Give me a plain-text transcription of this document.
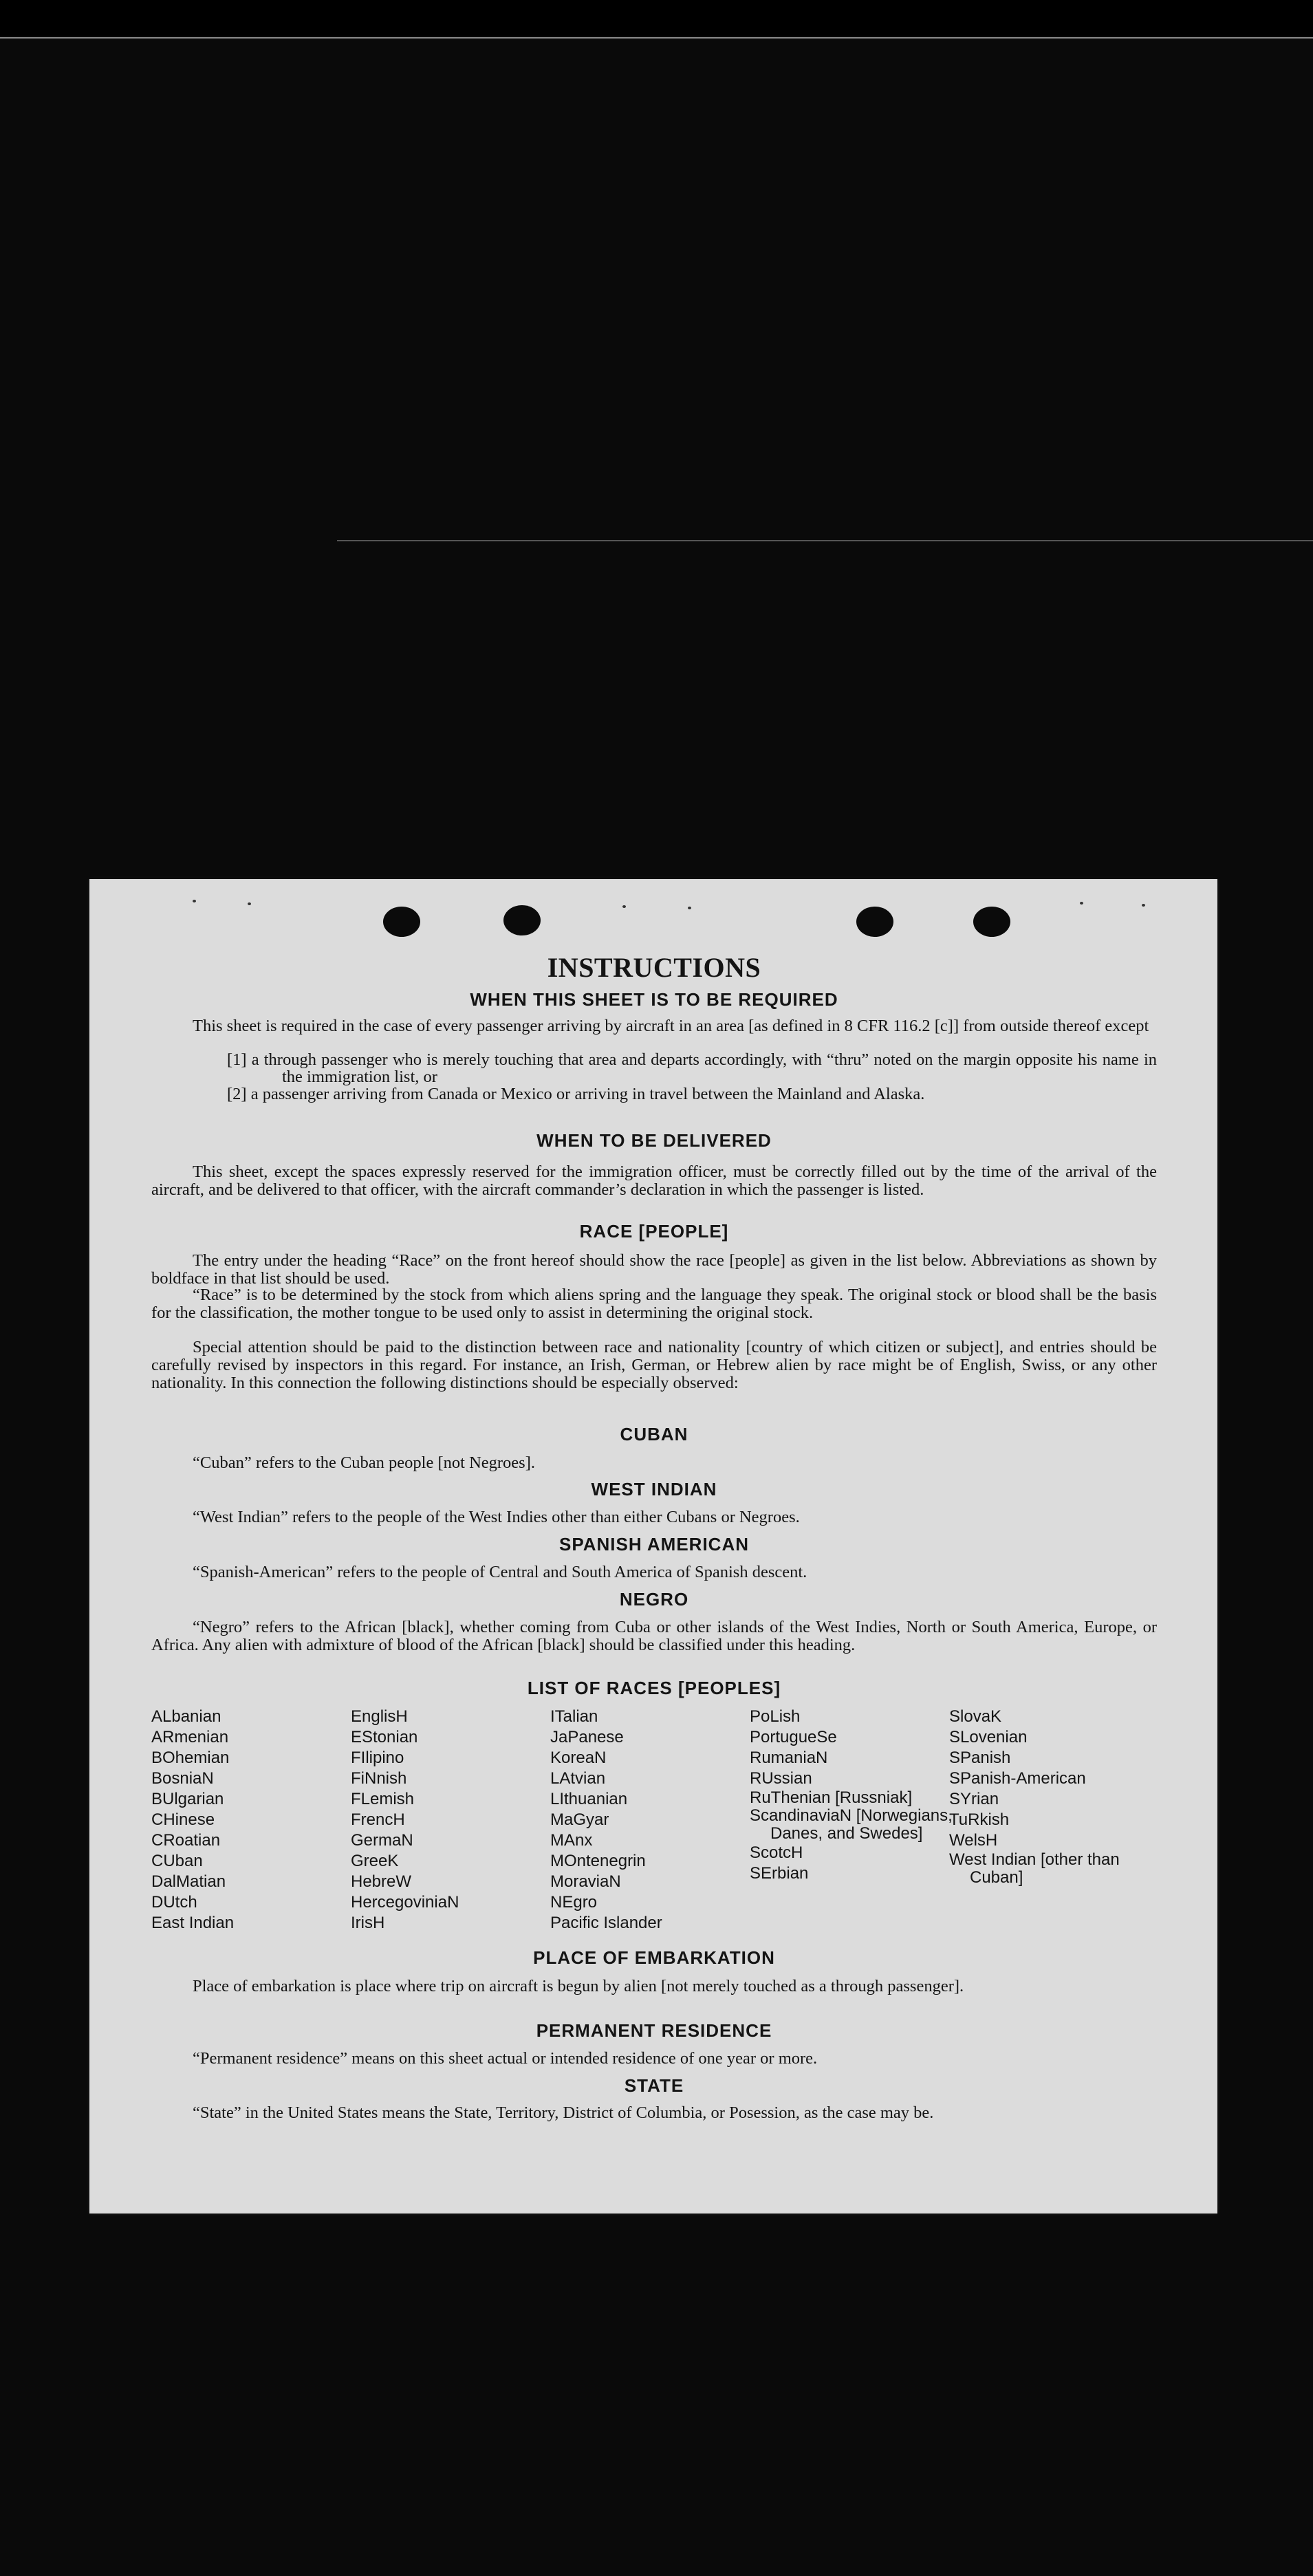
INSTRUCTIONS
WHEN THIS SHEET IS TO BE REQUIRED
This sheet is required in the case of every passenger arriving by aircraft in an area [as defined in 8 CFR 116.2 [c]] from outside thereof except
[1] a through passenger who is merely touching that area and departs accordingly, with “thru” noted on the margin opposite his name in the immigration list, or
[2] a passenger arriving from Canada or Mexico or arriving in travel between the Mainland and Alaska.
WHEN TO BE DELIVERED
This sheet, except the spaces expressly reserved for the immigration officer, must be correctly filled out by the time of the arrival of the aircraft, and be delivered to that officer, with the aircraft commander’s declaration in which the passenger is listed.
RACE [PEOPLE]
The entry under the heading “Race” on the front hereof should show the race [people] as given in the list below. Abbreviations as shown by boldface in that list should be used.
“Race” is to be determined by the stock from which aliens spring and the language they speak. The original stock or blood shall be the basis for the classification, the mother tongue to be used only to assist in determining the original stock.
Special attention should be paid to the distinction between race and nationality [country of which citizen or subject], and entries should be carefully revised by inspectors in this regard. For instance, an Irish, German, or Hebrew alien by race might be of English, Swiss, or any other nationality. In this connection the following distinctions should be especially observed:
CUBAN
“Cuban” refers to the Cuban people [not Negroes].
WEST INDIAN
“West Indian” refers to the people of the West Indies other than either Cubans or Negroes.
SPANISH AMERICAN
“Spanish-American” refers to the people of Central and South America of Spanish descent.
NEGRO
“Negro” refers to the African [black], whether coming from Cuba or other islands of the West Indies, North or South America, Europe, or Africa. Any alien with admixture of blood of the African [black] should be classified under this heading.
LIST OF RACES [PEOPLES]
ALbanian
ARmenian
BOhemian
BosniaN
BUlgarian
CHinese
CRoatian
CUban
DalMatian
DUtch
East Indian
EnglisH
EStonian
FIlipino
FiNnish
FLemish
FrencH
GermaN
GreeK
HebreW
HercegoviniaN
IrisH
ITalian
JaPanese
KoreaN
LAtvian
LIthuanian
MaGyar
MAnx
MOntenegrin
MoraviaN
NEgro
Pacific Islander
PoLish
PortugueSe
RumaniaN
RUssian
RuThenian [Russniak]
ScandinaviaN [Norwegians, Danes, and Swedes]
ScotcH
SErbian
SlovaK
SLovenian
SPanish
SPanish-American
SYrian
TuRkish
WelsH
West Indian [other than Cuban]
PLACE OF EMBARKATION
Place of embarkation is place where trip on aircraft is begun by alien [not merely touched as a through passenger].
PERMANENT RESIDENCE
“Permanent residence” means on this sheet actual or intended residence of one year or more.
STATE
“State” in the United States means the State, Territory, District of Columbia, or Posession, as the case may be.
